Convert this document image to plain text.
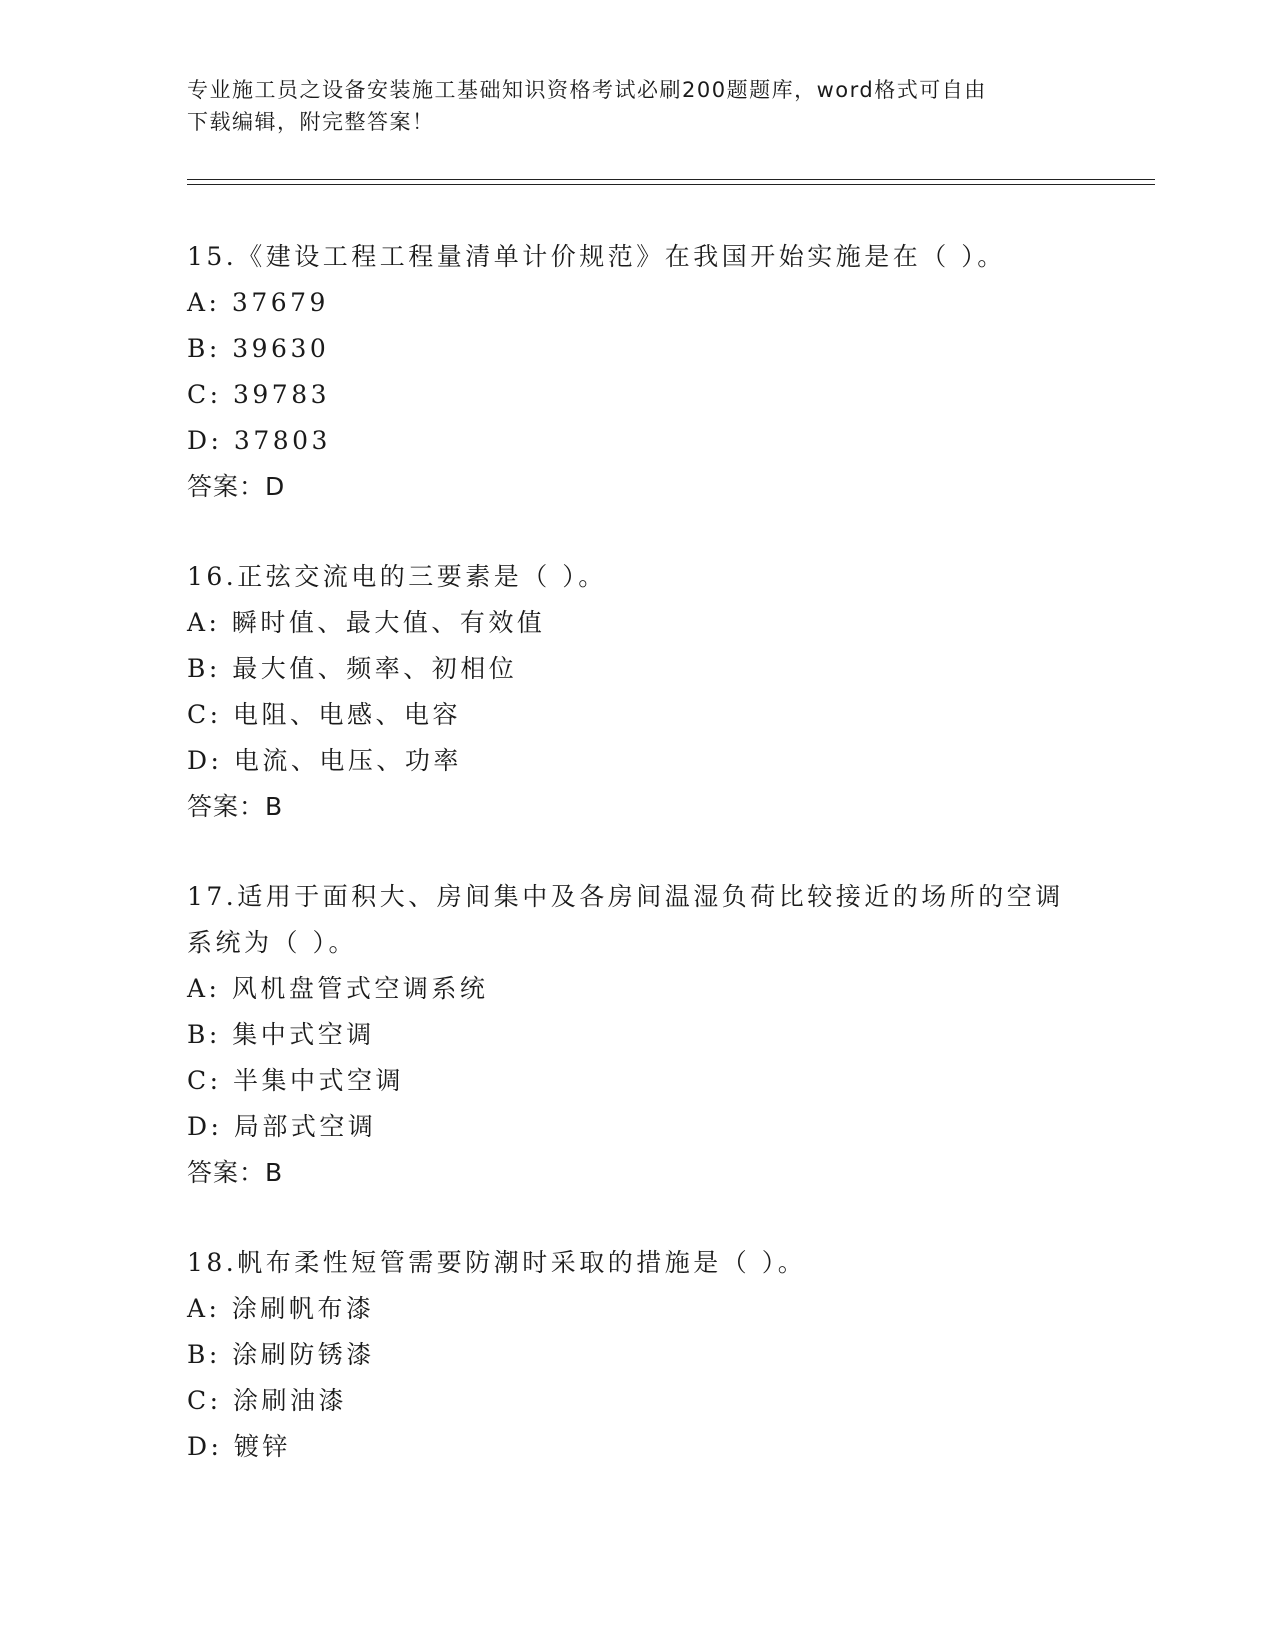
专业施工员之设备安装施工基础知识资格考试必刷200题题库，word格式可自由
下载编辑，附完整答案！
15.《建设工程工程量清单计价规范》在我国开始实施是在（ ）。
A: 37679
B: 39630
C: 39783
D: 37803
答案：D
16.正弦交流电的三要素是（ ）。
A: 瞬时值、最大值、有效值
B: 最大值、频率、初相位
C: 电阻、电感、电容
D: 电流、电压、功率
答案：B
17.适用于面积大、房间集中及各房间温湿负荷比较接近的场所的空调
系统为（ ）。
A: 风机盘管式空调系统
B: 集中式空调
C: 半集中式空调
D: 局部式空调
答案：B
18.帆布柔性短管需要防潮时采取的措施是（ ）。
A: 涂刷帆布漆
B: 涂刷防锈漆
C: 涂刷油漆
D: 镀锌
